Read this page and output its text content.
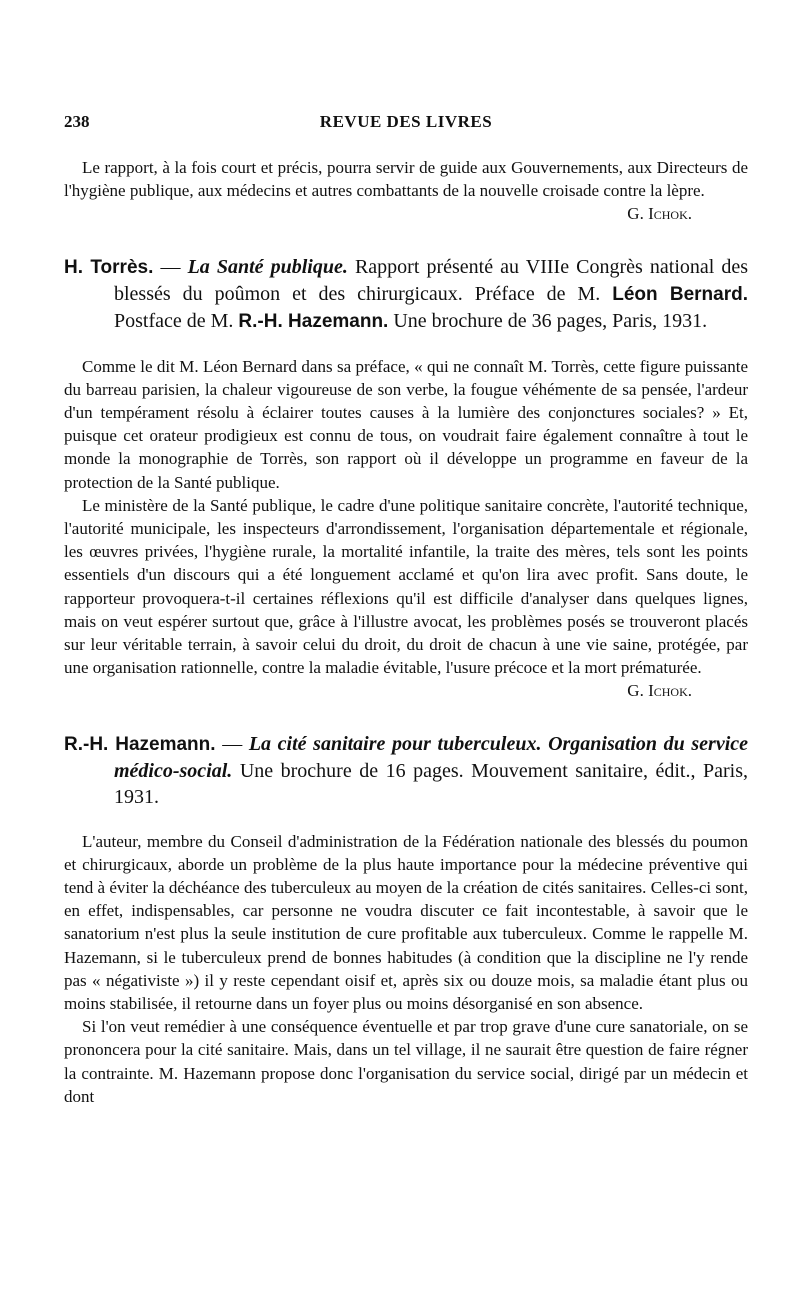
238	REVUE DES LIVRES

Le rapport, à la fois court et précis, pourra servir de guide aux Gouvernements, aux Directeurs de l'hygiène publique, aux médecins et autres combattants de la nouvelle croisade contre la lèpre.
G. Ichok.

H. Torrès. — La Santé publique. Rapport présenté au VIIIe Congrès national des blessés du poûmon et des chirurgicaux. Préface de M. Léon Bernard. Postface de M. R.-H. Hazemann. Une brochure de 36 pages, Paris, 1931.

Comme le dit M. Léon Bernard dans sa préface, « qui ne connaît M. Torrès, cette figure puissante du barreau parisien, la chaleur vigoureuse de son verbe, la fougue véhémente de sa pensée, l'ardeur d'un tempérament résolu à éclairer toutes causes à la lumière des conjonctures sociales? » Et, puisque cet orateur prodigieux est connu de tous, on voudrait faire également connaître à tout le monde la monographie de Torrès, son rapport où il développe un programme en faveur de la protection de la Santé publique.

Le ministère de la Santé publique, le cadre d'une politique sanitaire concrète, l'autorité technique, l'autorité municipale, les inspecteurs d'arrondissement, l'organisation départementale et régionale, les œuvres privées, l'hygiène rurale, la mortalité infantile, la traite des mères, tels sont les points essentiels d'un discours qui a été longuement acclamé et qu'on lira avec profit. Sans doute, le rapporteur provoquera-t-il certaines réflexions qu'il est difficile d'analyser dans quelques lignes, mais on veut espérer surtout que, grâce à l'illustre avocat, les problèmes posés se trouveront placés sur leur véritable terrain, à savoir celui du droit, du droit de chacun à une vie saine, protégée, par une organisation rationnelle, contre la maladie évitable, l'usure précoce et la mort prématurée.
G. Ichok.

R.-H. Hazemann. — La cité sanitaire pour tuberculeux. Organisation du service médico-social. Une brochure de 16 pages. Mouvement sanitaire, édit., Paris, 1931.

L'auteur, membre du Conseil d'administration de la Fédération nationale des blessés du poumon et chirurgicaux, aborde un problème de la plus haute importance pour la médecine préventive qui tend à éviter la déchéance des tuberculeux au moyen de la création de cités sanitaires. Celles-ci sont, en effet, indispensables, car personne ne voudra discuter ce fait incontestable, à savoir que le sanatorium n'est plus la seule institution de cure profitable aux tuberculeux. Comme le rappelle M. Hazemann, si le tuberculeux prend de bonnes habitudes (à condition que la discipline ne l'y rende pas « négativiste ») il y reste cependant oisif et, après six ou douze mois, sa maladie étant plus ou moins stabilisée, il retourne dans un foyer plus ou moins désorganisé en son absence.

Si l'on veut remédier à une conséquence éventuelle et par trop grave d'une cure sanatoriale, on se prononcera pour la cité sanitaire. Mais, dans un tel village, il ne saurait être question de faire régner la contrainte. M. Hazemann propose donc l'organisation du service social, dirigé par un médecin et dont
